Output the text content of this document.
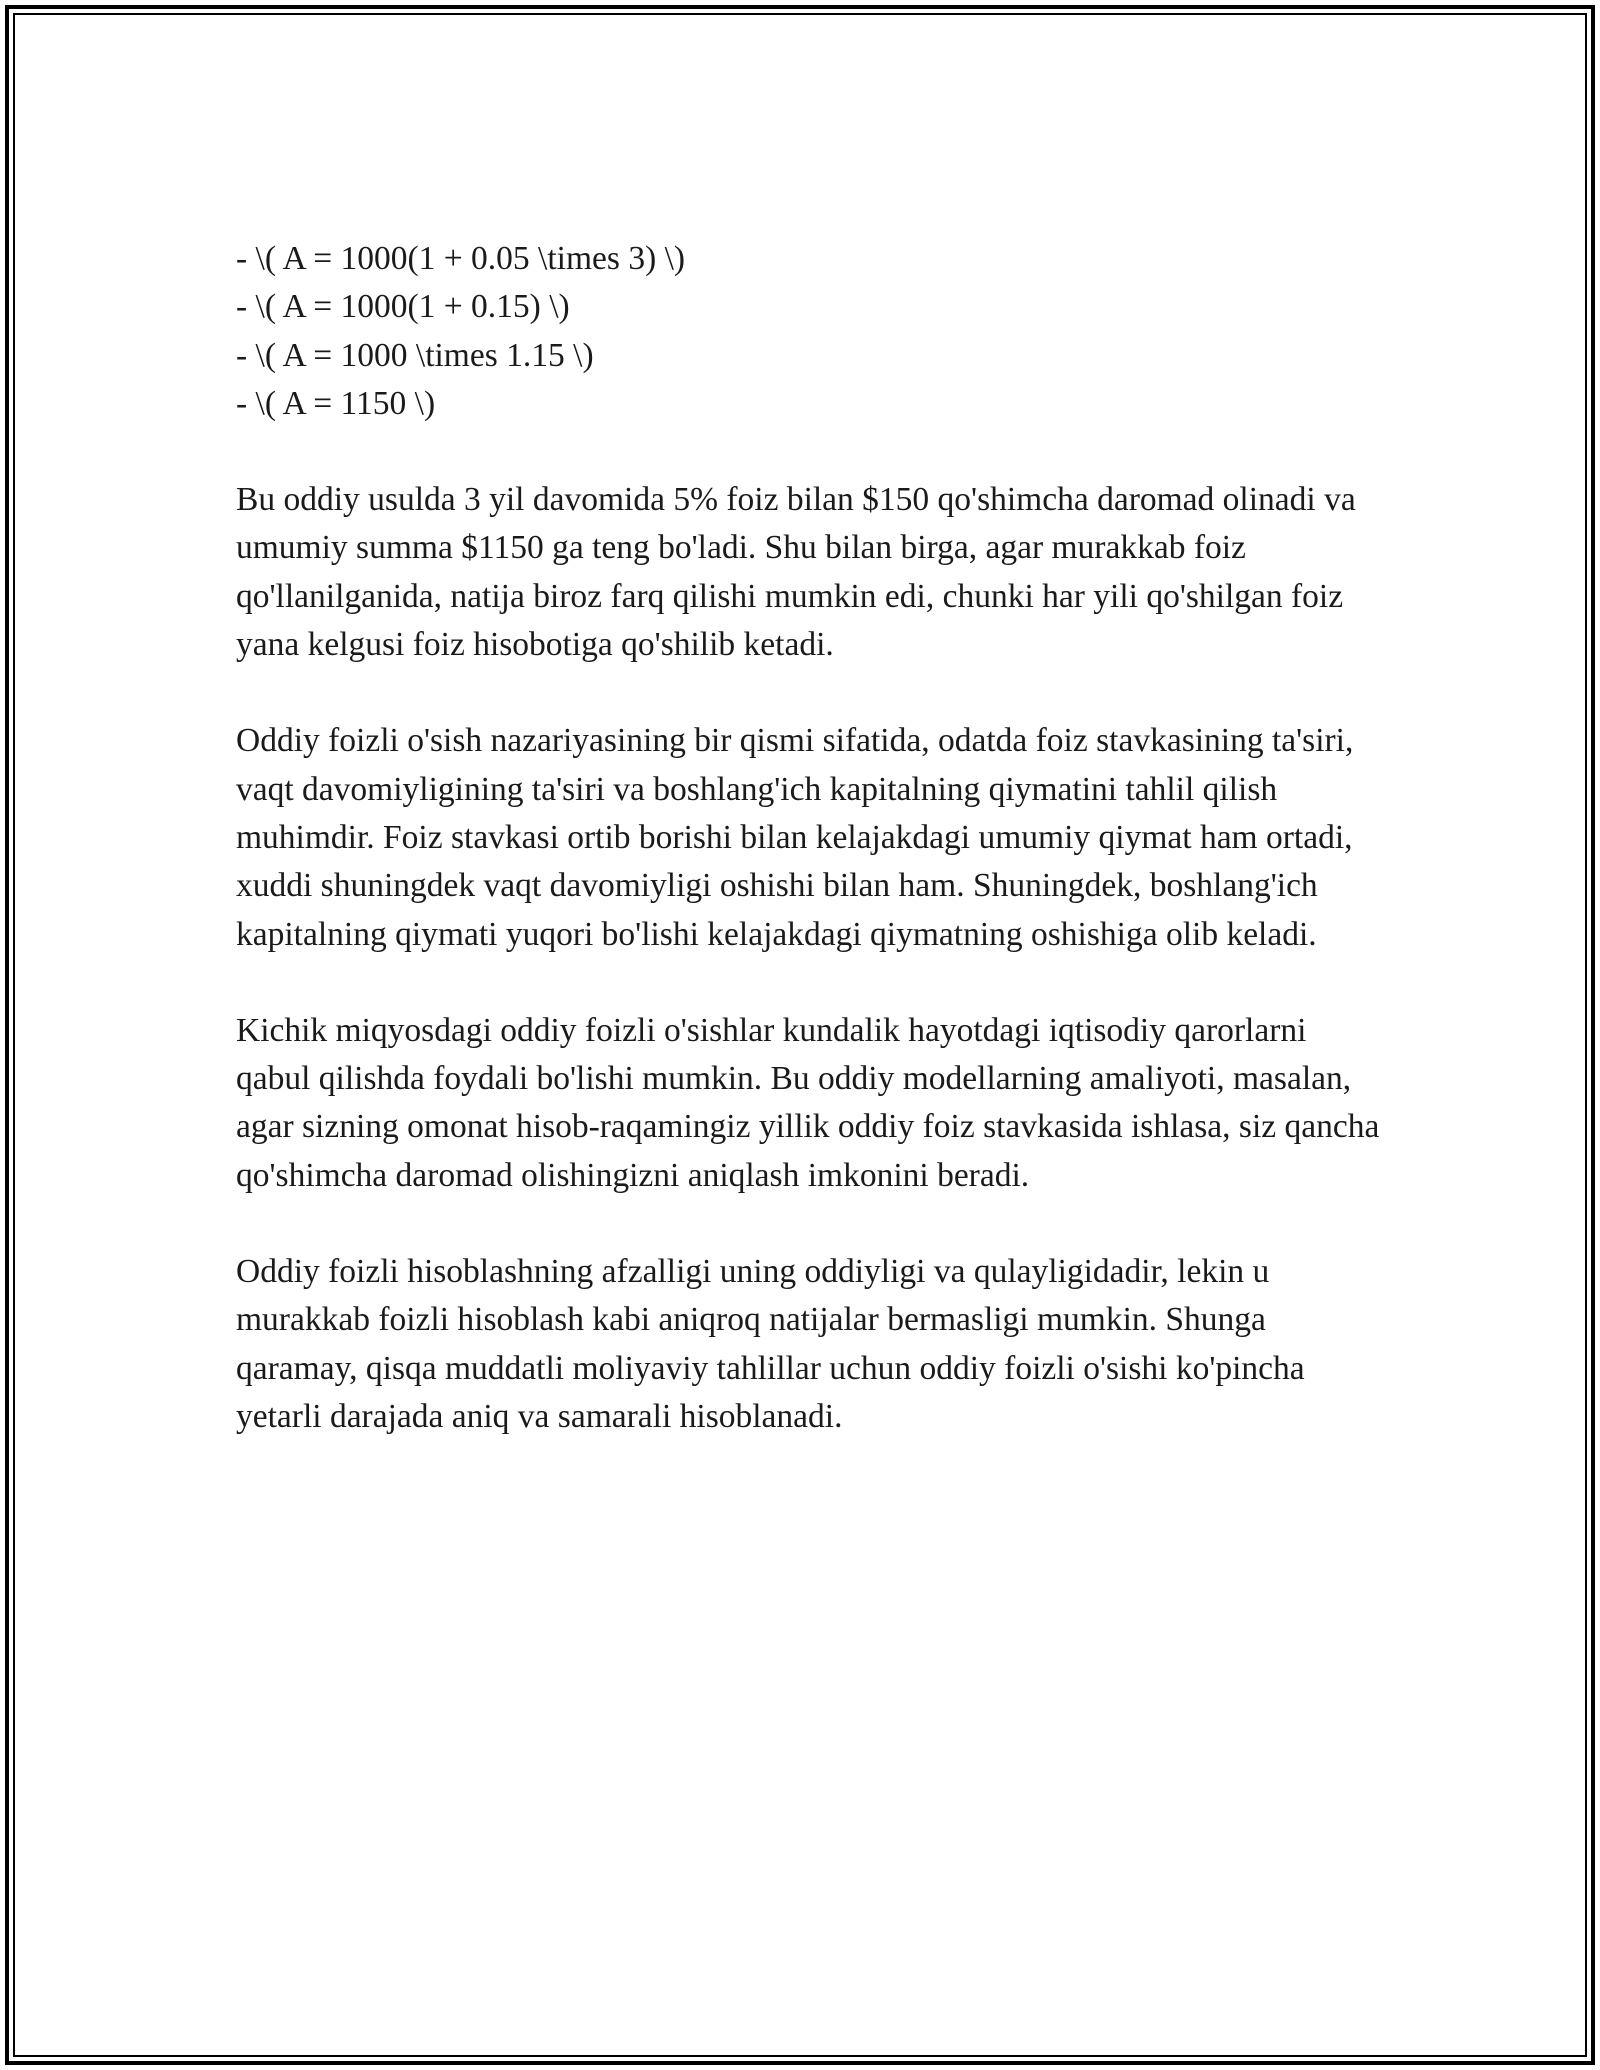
- \( A = 1000(1 + 0.05 \times 3) \)
- \( A = 1000(1 + 0.15) \)
- \( A = 1000 \times 1.15 \)
- \( A = 1150 \)

Bu oddiy usulda 3 yil davomida 5% foiz bilan $150 qo'shimcha daromad olinadi va umumiy summa $1150 ga teng bo'ladi. Shu bilan birga, agar murakkab foiz qo'llanilganida, natija biroz farq qilishi mumkin edi, chunki har yili qo'shilgan foiz yana kelgusi foiz hisobotiga qo'shilib ketadi.

Oddiy foizli o'sish nazariyasining bir qismi sifatida, odatda foiz stavkasining ta'siri, vaqt davomiyligining ta'siri va boshlang'ich kapitalning qiymatini tahlil qilish muhimdir. Foiz stavkasi ortib borishi bilan kelajakdagi umumiy qiymat ham ortadi, xuddi shuningdek vaqt davomiyligi oshishi bilan ham. Shuningdek, boshlang'ich kapitalning qiymati yuqori bo'lishi kelajakdagi qiymatning oshishiga olib keladi.

Kichik miqyosdagi oddiy foizli o'sishlar kundalik hayotdagi iqtisodiy qarorlarni qabul qilishda foydali bo'lishi mumkin. Bu oddiy modellarning amaliyoti, masalan, agar sizning omonat hisob-raqamingiz yillik oddiy foiz stavkasida ishlasa, siz qancha qo'shimcha daromad olishingizni aniqlash imkonini beradi.

Oddiy foizli hisoblashning afzalligi uning oddiyligi va qulayligidadir, lekin u murakkab foizli hisoblash kabi aniqroq natijalar bermasligi mumkin. Shunga qaramay, qisqa muddatli moliyaviy tahlillar uchun oddiy foizli o'sishi ko'pincha yetarli darajada aniq va samarali hisoblanadi.
